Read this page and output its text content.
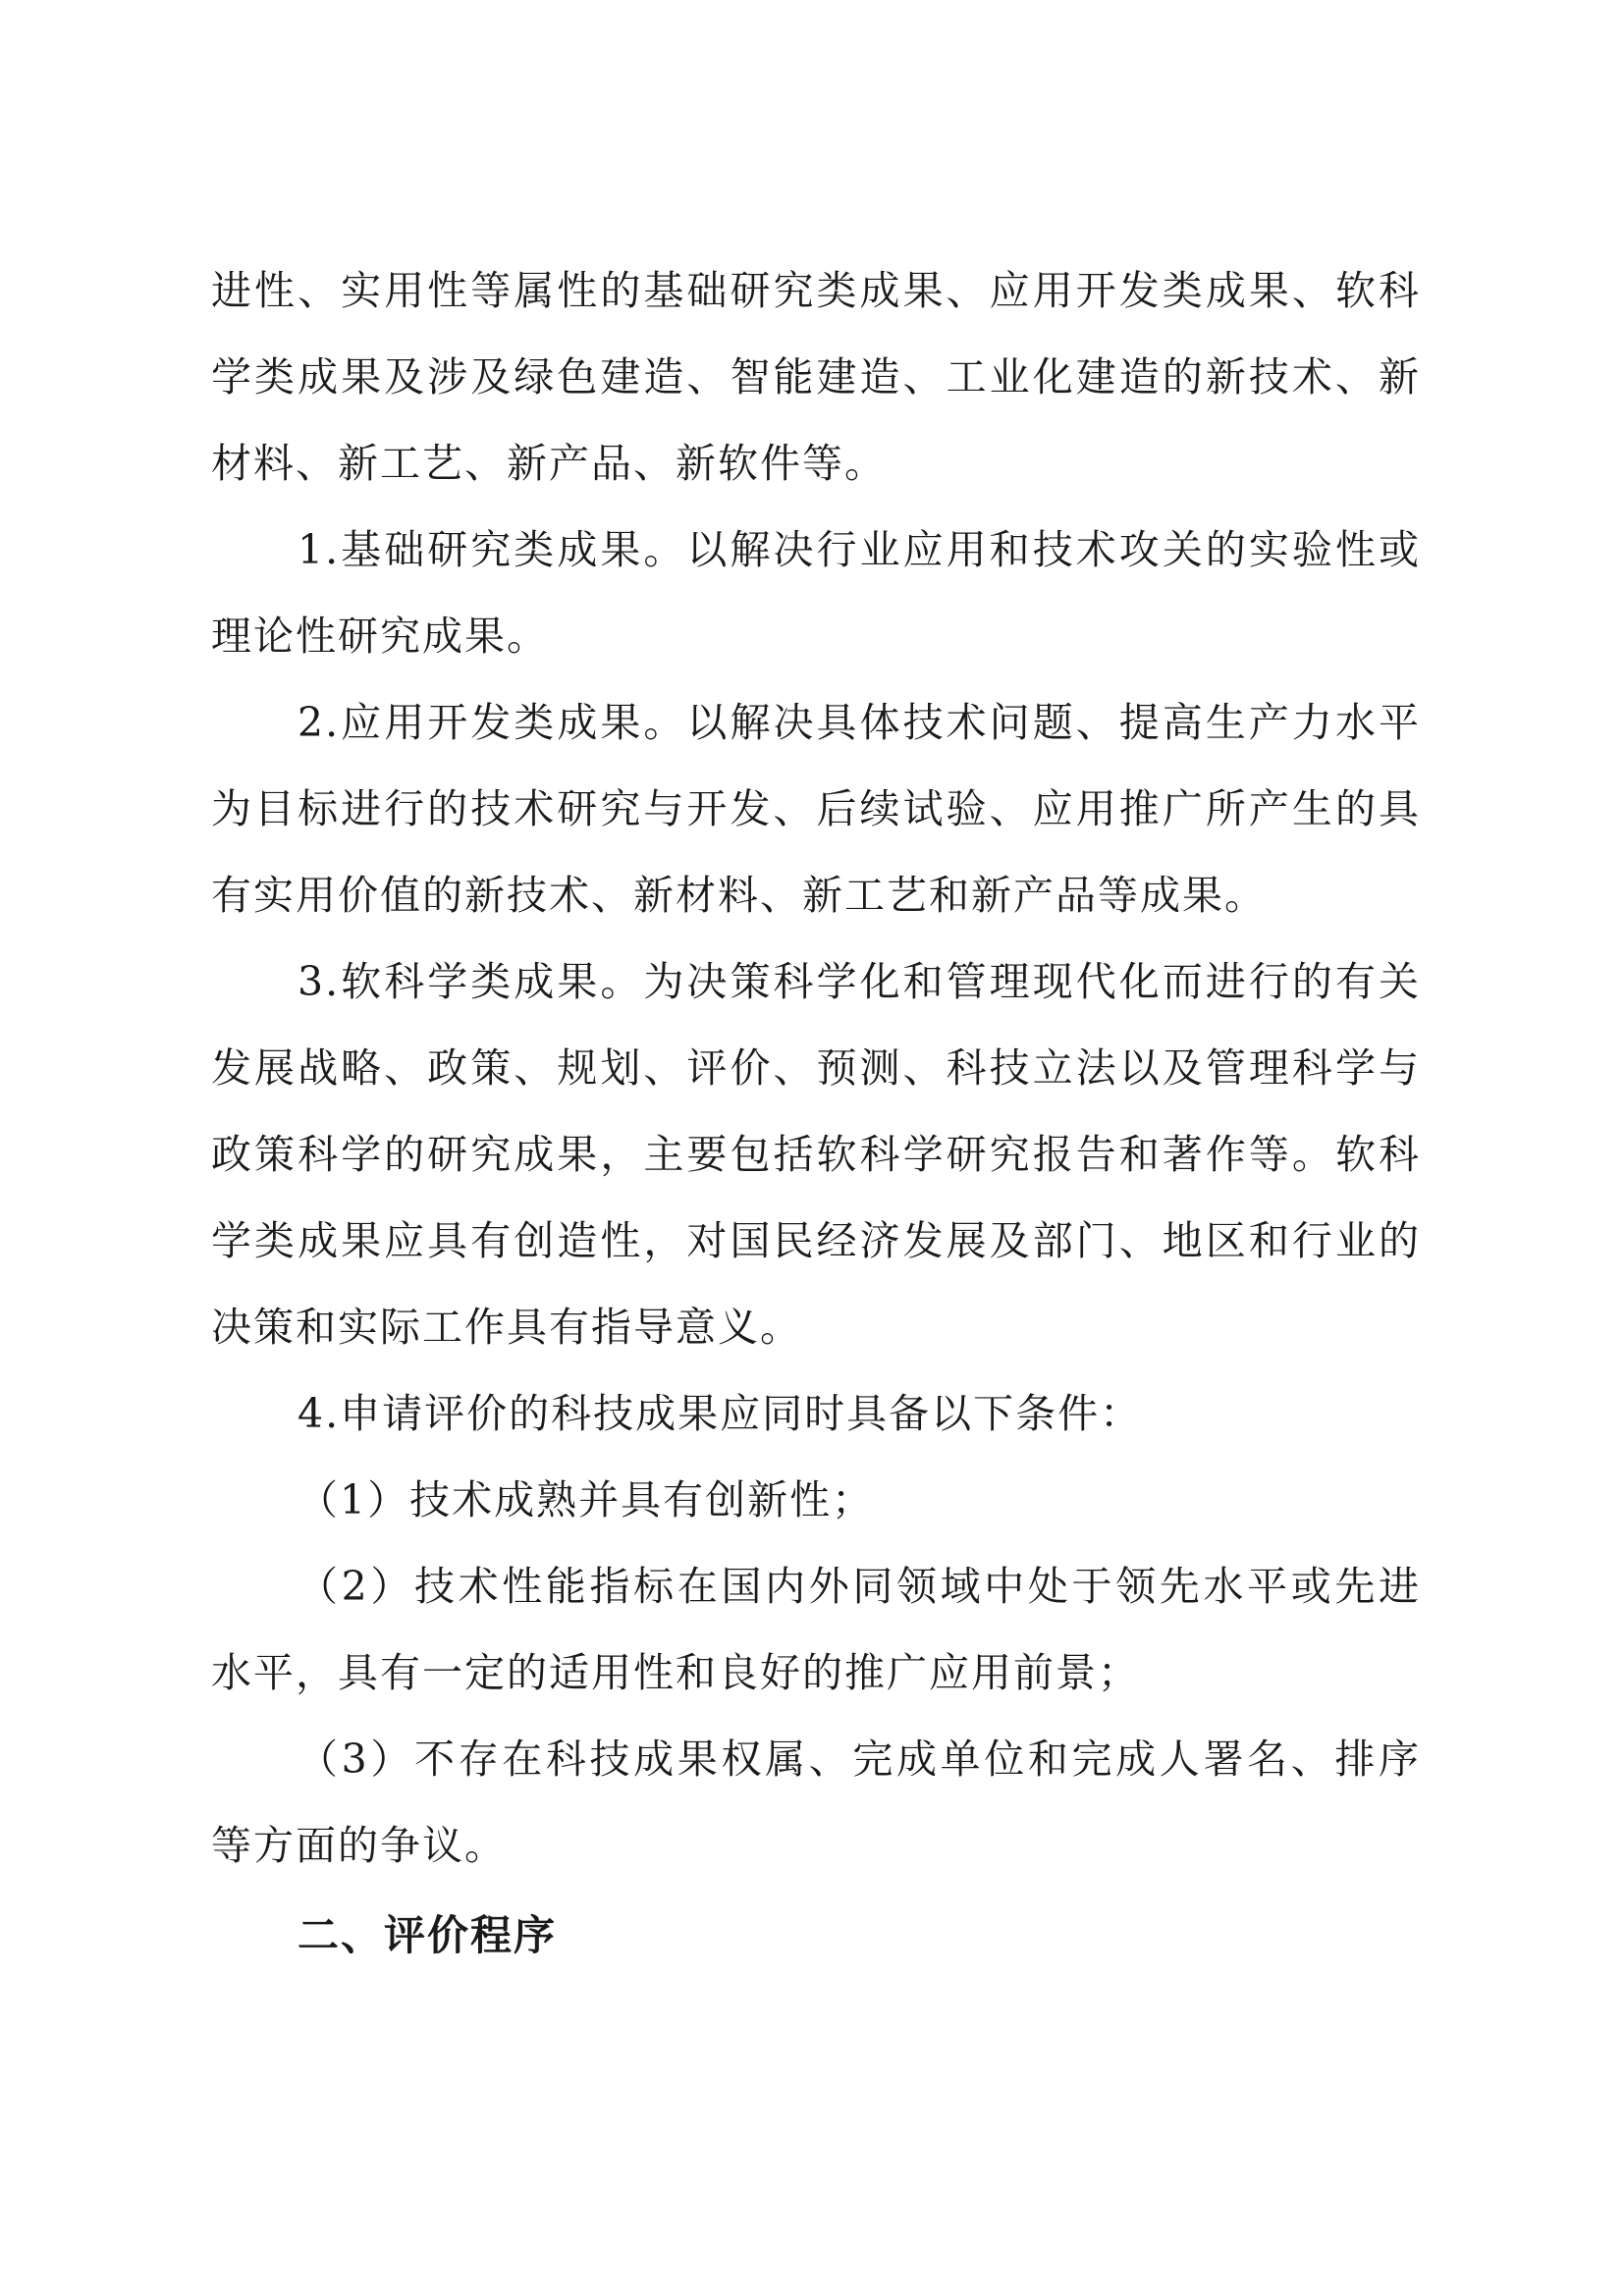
进性、实用性等属性的基础研究类成果、应用开发类成果、软科学类成果及涉及绿色建造、智能建造、工业化建造的新技术、新材料、新工艺、新产品、新软件等。

1.基础研究类成果。以解决行业应用和技术攻关的实验性或理论性研究成果。

2.应用开发类成果。以解决具体技术问题、提高生产力水平为目标进行的技术研究与开发、后续试验、应用推广所产生的具有实用价值的新技术、新材料、新工艺和新产品等成果。

3.软科学类成果。为决策科学化和管理现代化而进行的有关发展战略、政策、规划、评价、预测、科技立法以及管理科学与政策科学的研究成果，主要包括软科学研究报告和著作等。软科学类成果应具有创造性，对国民经济发展及部门、地区和行业的决策和实际工作具有指导意义。

4.申请评价的科技成果应同时具备以下条件：

（1）技术成熟并具有创新性；

（2）技术性能指标在国内外同领域中处于领先水平或先进水平，具有一定的适用性和良好的推广应用前景；

（3）不存在科技成果权属、完成单位和完成人署名、排序等方面的争议。

二、评价程序
